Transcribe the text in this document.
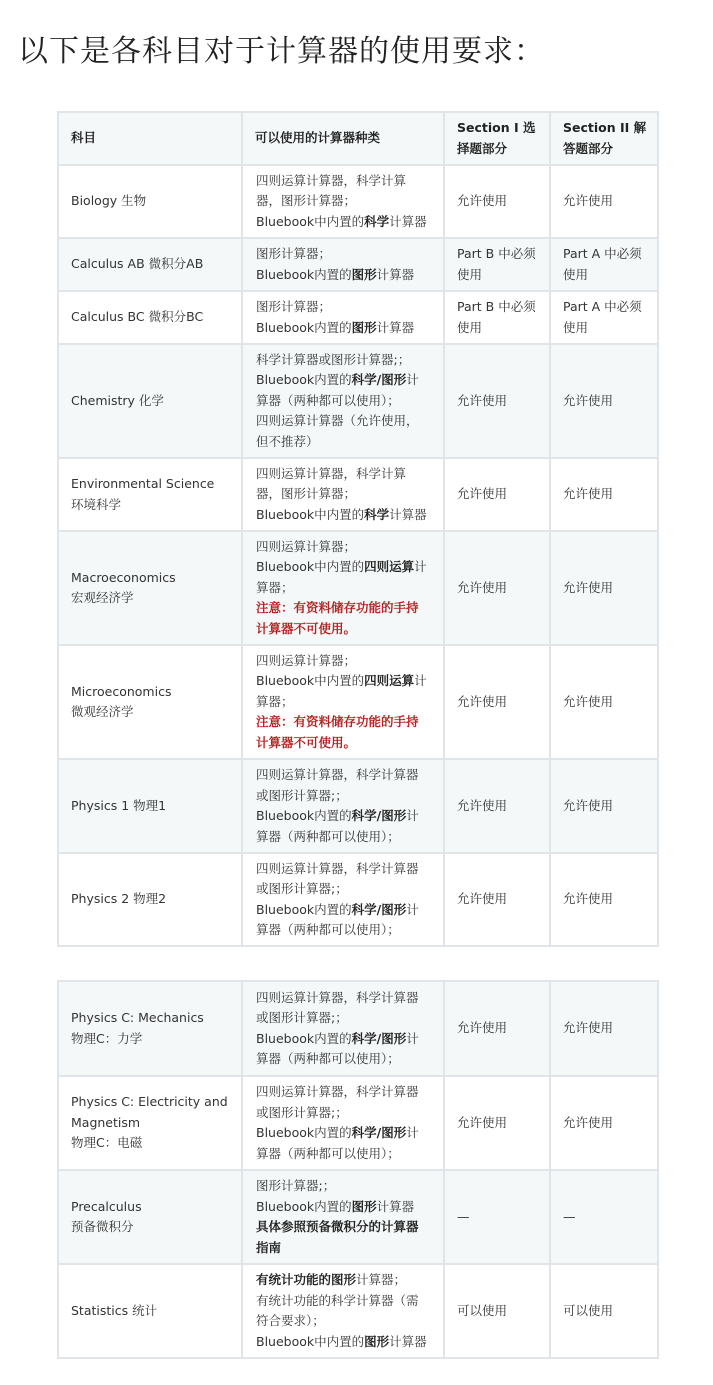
以下是各科目对于计算器的使用要求：
科目	可以使用的计算器种类	Section I 选
择题部分	Section II 解
答题部分

Biology 生物	四则运算计算器，科学计算
器，图形计算器；
Bluebook中内置的科学计算器	允许使用	允许使用

Calculus AB 微积分AB	图形计算器；
Bluebook内置的图形计算器	Part B 中必须
使用	Part A 中必须
使用

Calculus BC 微积分BC	图形计算器；
Bluebook内置的图形计算器	Part B 中必须
使用	Part A 中必须
使用

Chemistry 化学	科学计算器或图形计算器;；
Bluebook内置的科学/图形计
算器（两种都可以使用）；
四则运算计算器（允许使用，
但不推荐）	允许使用	允许使用

Environmental Science
环境科学	四则运算计算器，科学计算
器，图形计算器；
Bluebook中内置的科学计算器	允许使用	允许使用

Macroeconomics
宏观经济学	四则运算计算器；
Bluebook中内置的四则运算计
算器；
注意：有资料储存功能的手持
计算器不可使用。	允许使用	允许使用

Microeconomics
微观经济学	四则运算计算器；
Bluebook中内置的四则运算计
算器；
注意：有资料储存功能的手持
计算器不可使用。	允许使用	允许使用

Physics 1 物理1	四则运算计算器，科学计算器
或图形计算器;；
Bluebook内置的科学/图形计
算器（两种都可以使用）；	允许使用	允许使用

Physics 2 物理2	四则运算计算器，科学计算器
或图形计算器;；
Bluebook内置的科学/图形计
算器（两种都可以使用）；	允许使用	允许使用
Physics C: Mechanics
物理C：力学	四则运算计算器，科学计算器
或图形计算器;；
Bluebook内置的科学/图形计
算器（两种都可以使用）；	允许使用	允许使用

Physics C: Electricity and
Magnetism
物理C：电磁	四则运算计算器，科学计算器
或图形计算器;；
Bluebook内置的科学/图形计
算器（两种都可以使用）；	允许使用	允许使用

Precalculus
预备微积分	图形计算器;；
Bluebook内置的图形计算器
具体参照预备微积分的计算器
指南	—	—

Statistics 统计	有统计功能的图形计算器；
有统计功能的科学计算器（需
符合要求）；
Bluebook中内置的图形计算器	可以使用	可以使用
